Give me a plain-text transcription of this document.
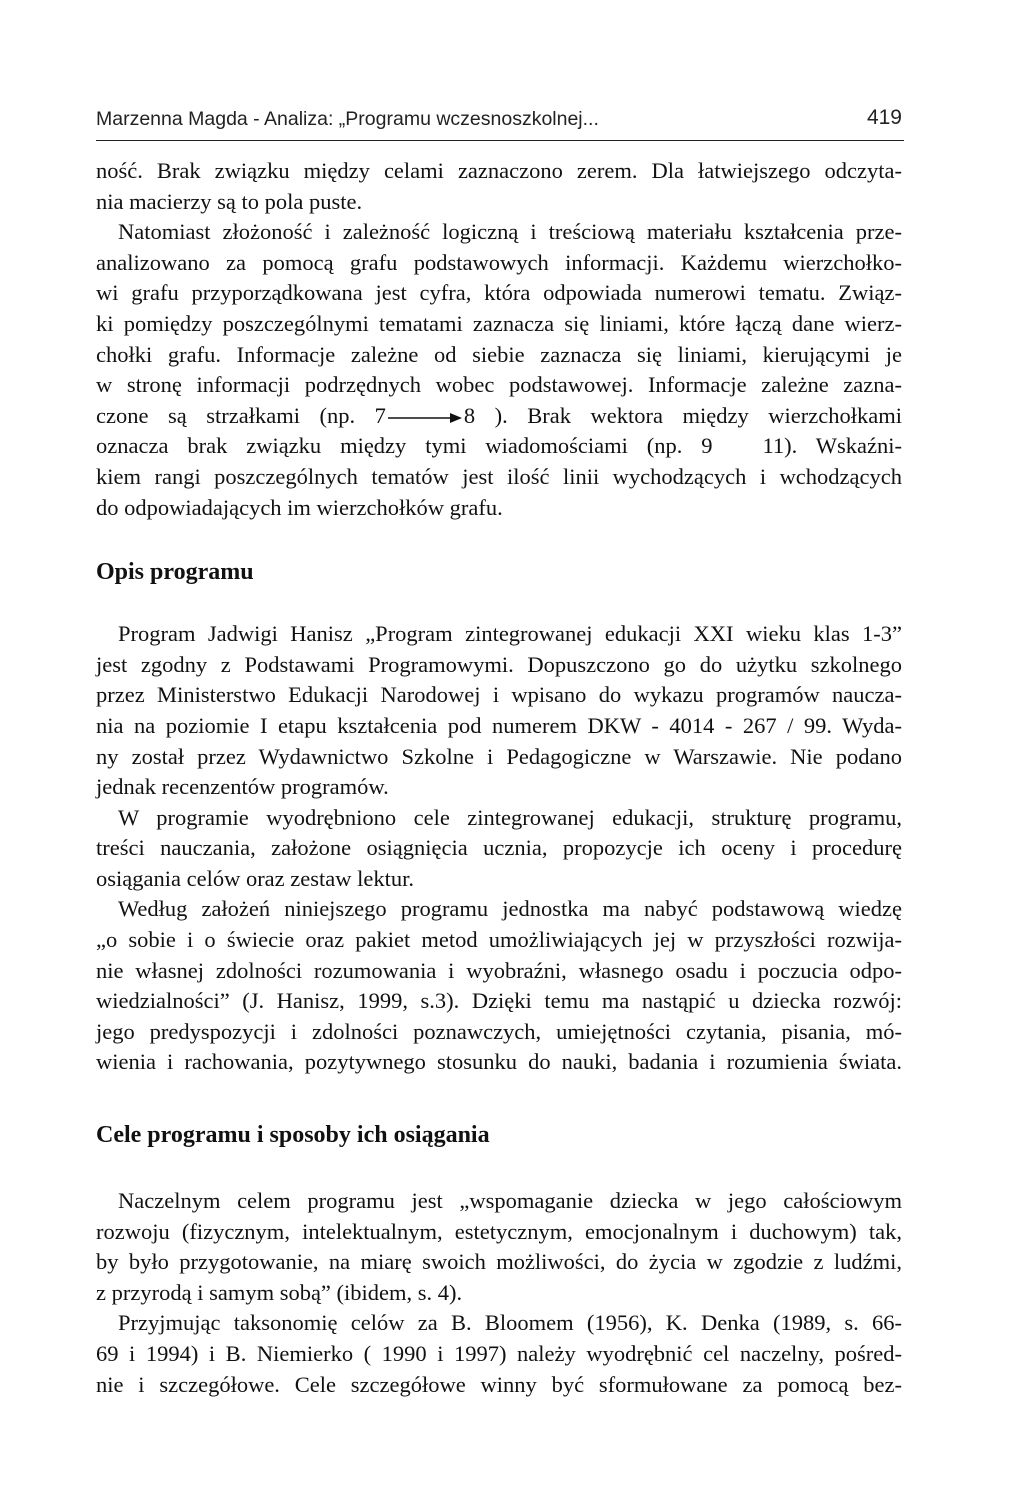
Marzenna Magda - Analiza: „Programu wczesnoszkolnej...	419
ność. Brak związku między celami zaznaczono zerem. Dla łatwiejszego odczyta-
nia macierzy są to pola puste.
Natomiast złożoność i zależność logiczną i treściową materiału kształcenia prze-
analizowano za pomocą grafu podstawowych informacji. Każdemu wierzchołko-
wi grafu przyporządkowana jest cyfra, która odpowiada numerowi tematu. Związ-
ki pomiędzy poszczególnymi tematami zaznacza się liniami, które łączą dane wierz-
chołki grafu. Informacje zależne od siebie zaznacza się liniami, kierującymi je
w stronę informacji podrzędnych wobec podstawowej. Informacje zależne zazna-
czone są strzałkami (np. 7	8 ). Brak wektora między wierzchołkami
oznacza brak związku między tymi wiadomościami (np. 9 11). Wskaźni-
kiem rangi poszczególnych tematów jest ilość linii wychodzących i wchodzących
do odpowiadających im wierzchołków grafu.
Opis programu
Program Jadwigi Hanisz „Program zintegrowanej edukacji XXI wieku klas 1-3”
jest zgodny z Podstawami Programowymi. Dopuszczono go do użytku szkolnego
przez Ministerstwo Edukacji Narodowej i wpisano do wykazu programów naucza-
nia na poziomie I etapu kształcenia pod numerem DKW - 4014 - 267 / 99. Wyda-
ny został przez Wydawnictwo Szkolne i Pedagogiczne w Warszawie. Nie podano
jednak recenzentów programów.
W programie wyodrębniono cele zintegrowanej edukacji, strukturę programu,
treści nauczania, założone osiągnięcia ucznia, propozycje ich oceny i procedurę
osiągania celów oraz zestaw lektur.
Według założeń niniejszego programu jednostka ma nabyć podstawową wiedzę
„o sobie i o świecie oraz pakiet metod umożliwiających jej w przyszłości rozwija-
nie własnej zdolności rozumowania i wyobraźni, własnego osadu i poczucia odpo-
wiedzialności” (J. Hanisz, 1999, s.3). Dzięki temu ma nastąpić u dziecka rozwój:
jego predyspozycji i zdolności poznawczych, umiejętności czytania, pisania, mó-
wienia i rachowania, pozytywnego stosunku do nauki, badania i rozumienia świata.
Cele programu i sposoby ich osiągania
Naczelnym celem programu jest „wspomaganie dziecka w jego całościowym
rozwoju (fizycznym, intelektualnym, estetycznym, emocjonalnym i duchowym) tak,
by było przygotowanie, na miarę swoich możliwości, do życia w zgodzie z ludźmi,
z przyrodą i samym sobą” (ibidem, s. 4).
Przyjmując taksonomię celów za B. Bloomem (1956), K. Denka (1989, s. 66-
69 i 1994) i B. Niemierko ( 1990 i 1997) należy wyodrębnić cel naczelny, pośred-
nie i szczegółowe. Cele szczegółowe winny być sformułowane za pomocą bez-
